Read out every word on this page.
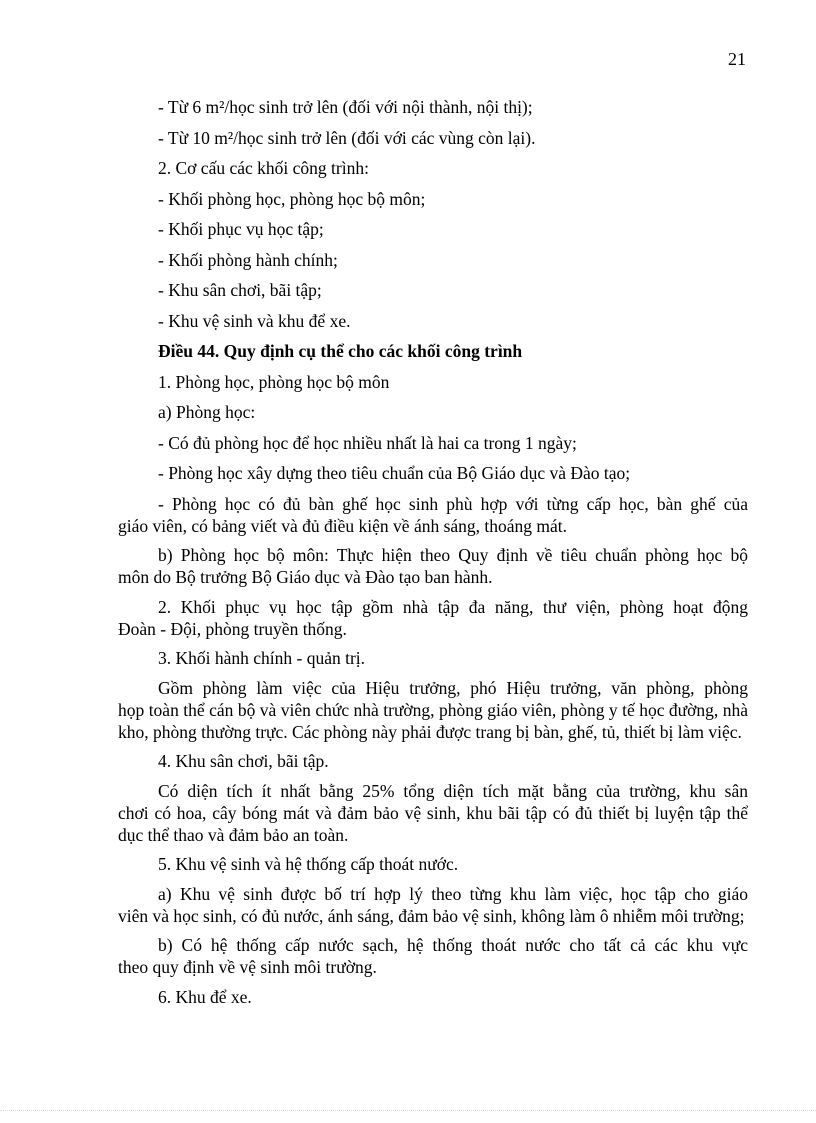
21
- Từ 6 m²/học sinh trở lên (đối với nội thành, nội thị);
- Từ 10 m²/học sinh trở lên (đối với các vùng còn lại).
2. Cơ cấu các khối công trình:
- Khối phòng học, phòng học bộ môn;
- Khối phục vụ học tập;
- Khối phòng hành chính;
- Khu sân chơi, bãi tập;
- Khu vệ sinh và khu để xe.
Điều 44. Quy định cụ thể cho các khối công trình
1. Phòng học, phòng học bộ môn
a) Phòng học:
- Có đủ phòng học để học nhiều nhất là hai ca trong 1 ngày;
- Phòng học xây dựng theo tiêu chuẩn của Bộ Giáo dục và Đào tạo;
- Phòng học có đủ bàn ghế học sinh phù hợp với từng cấp học, bàn ghế của
giáo viên, có bảng viết và đủ điều kiện về ánh sáng, thoáng mát.
b) Phòng học bộ môn: Thực hiện theo Quy định về tiêu chuẩn phòng học bộ
môn do Bộ trưởng Bộ Giáo dục và Đào tạo ban hành.
2. Khối phục vụ học tập gồm nhà tập đa năng, thư viện, phòng hoạt động
Đoàn - Đội, phòng truyền thống.
3. Khối hành chính - quản trị.
Gồm phòng làm việc của Hiệu trưởng, phó Hiệu trưởng, văn phòng, phòng
họp toàn thể cán bộ và viên chức nhà trường, phòng giáo viên, phòng y tế học đường, nhà kho, phòng thường trực. Các phòng này phải được trang bị bàn, ghế, tủ, thiết bị làm việc.
4. Khu sân chơi, bãi tập.
Có diện tích ít nhất bằng 25% tổng diện tích mặt bằng của trường, khu sân
chơi có hoa, cây bóng mát và đảm bảo vệ sinh, khu bãi tập có đủ thiết bị luyện tập thể dục thể thao và đảm bảo an toàn.
5. Khu vệ sinh và hệ thống cấp thoát nước.
a) Khu vệ sinh được bố trí hợp lý theo từng khu làm việc, học tập cho giáo
viên và học sinh, có đủ nước, ánh sáng, đảm bảo vệ sinh, không làm ô nhiễm môi trường;
b) Có hệ thống cấp nước sạch, hệ thống thoát nước cho tất cả các khu vực
theo quy định về vệ sinh môi trường.
6. Khu để xe.
